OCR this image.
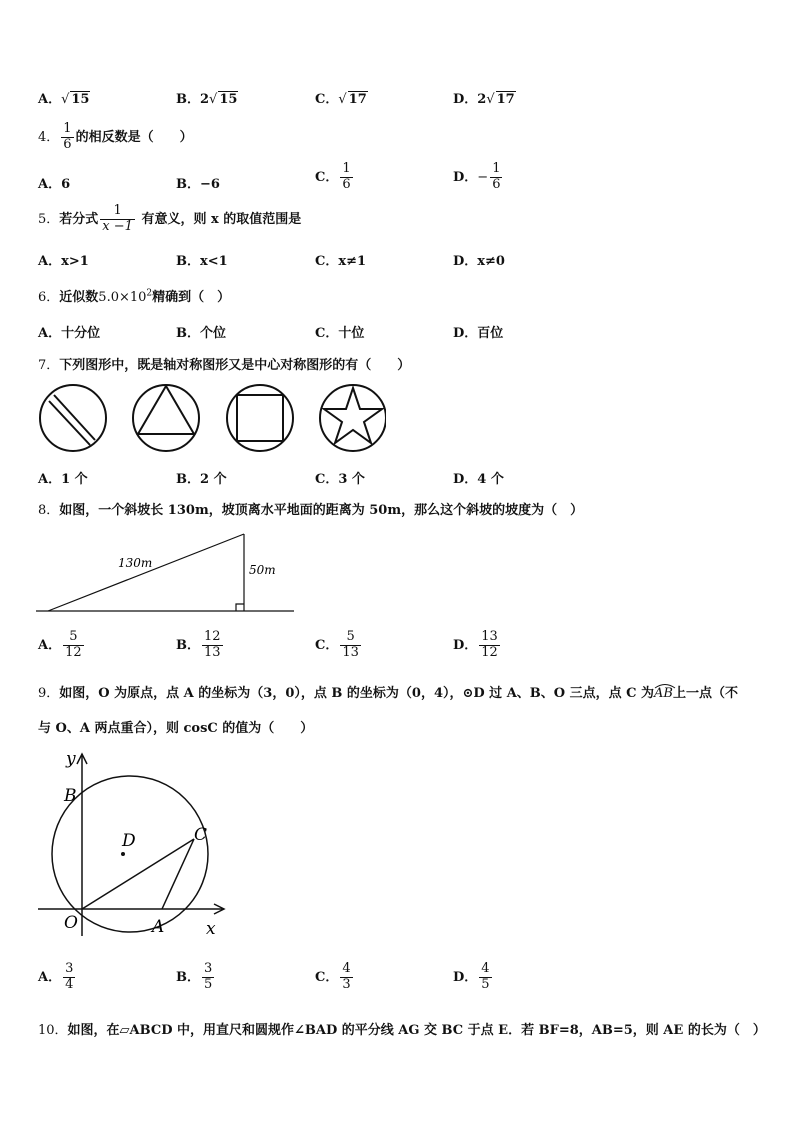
A．√ 15	B．2√ 15	C．√ 17	D．2√ 17
4． $\frac{1}{6}$ 的相反数是（　　）
A．6	B．−6	C． $\frac{1}{6}$	D．− $\frac{1}{6}$
5．若分式 $\frac{1}{x -1}$ 有意义，则 x 的取值范围是
A．x>1	B．x<1	C．x≠1	D．x≠0
6．近似数$5.0\times 10^2$精确到（　）
A．十分位	B．个位	C．十位	D．百位
7．下列图形中，既是轴对称图形又是中心对称图形的有（　　）
A．1 个	B．2 个	C．3 个	D．4 个
8．如图，一个斜坡长 130m，坡顶离水平地面的距离为 50m，那么这个斜坡的坡度为（　）
130m	50m
A． $\frac{5}{12}$	B． $\frac{12}{13}$	C． $\frac{5}{13}$	D． $\frac{13}{12}$
9．如图，O 为原点，点 A 的坐标为（3，0），点 B 的坐标为（0，4），⊙D 过 A、B、O 三点，点 C 为AB
上一点（不
与 O、A 两点重合），则 cosC 的值为（　　）
y
x
B
D	C
O	A
A． $\frac{3}{4}$	B． $\frac{3}{5}$	C． $\frac{4}{3}$	D． $\frac{4}{5}$
10．如图，在▱ABCD 中，用直尺和圆规作∠BAD 的平分线 AG 交 BC 于点 E．若 BF=8，AB=5，则 AE 的长为（　）
